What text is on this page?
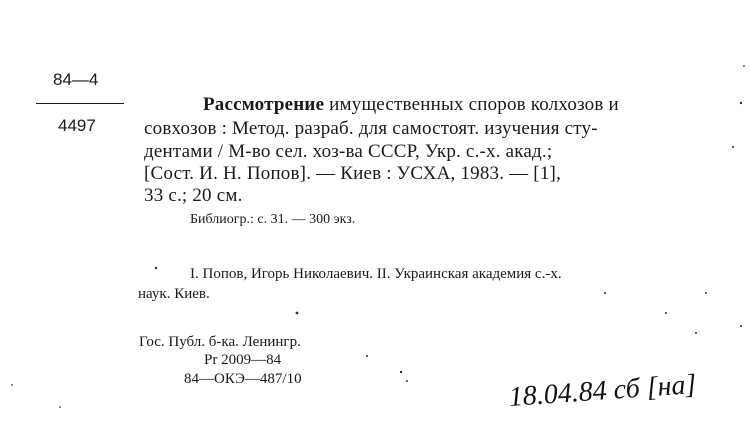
84—4
4497
Рассмотрение имущественных споров колхозов и
совхозов : Метод. разраб. для самостоят. изучения сту-
дентами / М-во сел. хоз-ва СССР, Укр. с.-х. акад.;
[Сост. И. Н. Попов]. — Киев : УСХА, 1983. — [1],
33 с.; 20 см.
Библиогр.: с. 31. — 300 экз.
I. Попов, Игорь Николаевич. II. Украинская академия с.-х.
наук. Киев.
Гос. Публ. б-ка. Ленингр.
Pr 2009—84
84—ОКЭ—487/10	18.04.84 сб [на]
